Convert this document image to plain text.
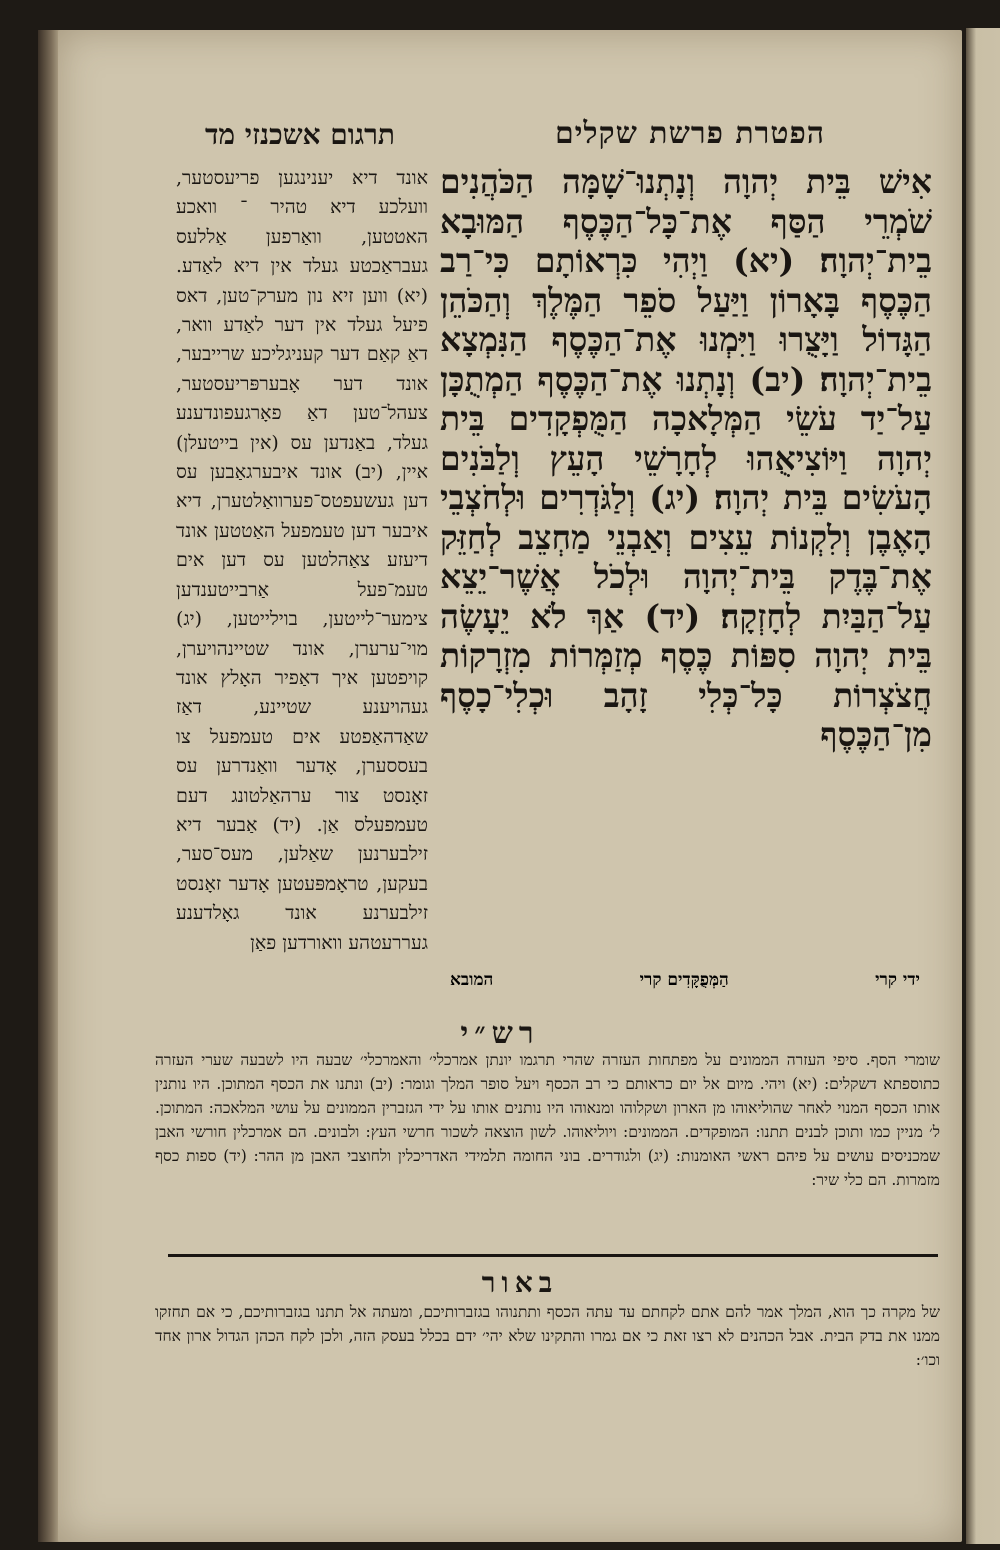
הפטרת פרשת שקלים
אִישׁ בֵּית יְהוָה וְנָתְנוּ־שָׁמָּה הַכֹּהֲנִים שֹׁמְרֵי הַסַּף אֶת־כָּל־הַכֶּסֶף הַמּוּבָא בֵית־יְהוָה׃ (יא) וַיְהִי כִּרְאוֹתָם כִּי־רַב הַכֶּסֶף בָּאָרוֹן וַיַּעַל סֹפֵר הַמֶּלֶךְ וְהַכֹּהֵן הַגָּדוֹל וַיָּצֻרוּ וַיִּמְנוּ אֶת־הַכֶּסֶף הַנִּמְצָא בֵית־יְהוָה׃ (יב) וְנָתְנוּ אֶת־הַכֶּסֶף הַמְתֻכָּן עַל־יַד עֹשֵׂי הַמְּלָאכָה הַמֻּפְקָדִים בֵּית יְהוָה וַיּוֹצִיאֻהוּ לְחָרָשֵׁי הָעֵץ וְלַבֹּנִים הָעֹשִׂים בֵּית יְהוָה׃ (יג) וְלַגֹּדְרִים וּלְחֹצְבֵי הָאֶבֶן וְלִקְנוֹת עֵצִים וְאַבְנֵי מַחְצֵב לְחַזֵּק אֶת־בֶּדֶק בֵּית־יְהוָה וּלְכֹל אֲשֶׁר־יֵצֵא עַל־הַבַּיִת לְחָזְקָה׃ (יד) אַךְ לֹא יֵעָשֶׂה בֵּית יְהוָה סִפּוֹת כֶּסֶף מְזַמְּרוֹת מִזְרָקוֹת חֲצֹצְרוֹת כָּל־כְּלִי זָהָב וּכְלִי־כָסֶף מִן־הַכֶּסֶף
ידי קרי
הַמְּפֻקָּדִים קרי
המובא
תרגום אשכנזי מד
אונד דיא יענינגען פריעסטער, וועלכע דיא טהיר ־ וואכע האטטען, וואַרפען אַללעס געבראַכטע געלד אין דיא לאַדע. (יא) ווען זיא נון מערק־טען, דאס פיעל געלד אין דער לאַדע וואר, דאַ קאַם דער קעניגליכע שרייבער, אונד דער אָבערפּריעסטער, צעהל־טען דאַ פאָרגעפונדענע געלד, באַנדען עס (אין בייטעלן) איין, (יב) אונד איבערגאַבען עס דען געשעפטס־פערוואַלטערן, דיא איבער דען טעמפעל האַטטען אונד דיעזע צאַהלטען עס דען אים טעמ־פעל אַרבייטענדען צימער־לייטען, בוילייטען, (יג) מוי־ערערן, אונד שטיינהויערן, קויפטען איך דאַפיר האָלץ אונד געהויענע שטיינע, דאַז שאַדהאַפטע אים טעמפעל צו בעססערן, אָדער וואַנדרען עס זאָנסט צור ערהאַלטונג דעם טעמפעלס אַן. (יד) אַבער דיא זילבערנען שאַלען, מעס־סער, בעקען, טראָמפּעטען אָדער זאָנסט זילבערנע אונד גאָלדענע געררעטהע וואורדען פאַן
רש״י
שומרי הסף. סיפי העזרה הממונים על מפתחות העזרה שהרי תרגמו יונתן אמרכלי׳ והאמרכלי׳ שבעה היו לשבעה שערי העזרה כתוספתא דשקלים: (יא) ויהי. מיום אל יום כראותם כי רב הכסף ויעל סופר המלך וגומר: (יב) ונתנו את הכסף המתוכן. היו נותנין אותו הכסף המנוי לאחר שהוליאוהו מן הארון ושקלוהו ומנאוהו היו נותנים אותו על ידי הגזברין הממונים על עושי המלאכה: המתוכן. ל׳ מניין כמו ותוכן לבנים תתנו: המופקדים. הממונים: ויוליאוהו. לשון הוצאה לשכור חרשי העץ: ולבונים. הם אמרכלין חורשי האבן שמכניסים עושים על פיהם ראשי האומנות: (יג) ולגודרים. בוני החומה תלמידי האדריכלין ולחוצבי האבן מן ההר: (יד) ספות כסף מזמרות. הם כלי שיר:
באור
של מקרה כך הוא, המלך אמר להם אתם לקחתם עד עתה הכסף ותתנוהו בגזברותיכם, ומעתה אל תתנו בגזברותיכם, כי אם תחזקו ממנו את בדק הבית. אבל הכהנים לא רצו זאת כי אם גמרו והתקינו שלא יהי׳ ידם בכלל בעסק הזה, ולכן לקח הכהן הגדול ארון אחד וכו׳:
